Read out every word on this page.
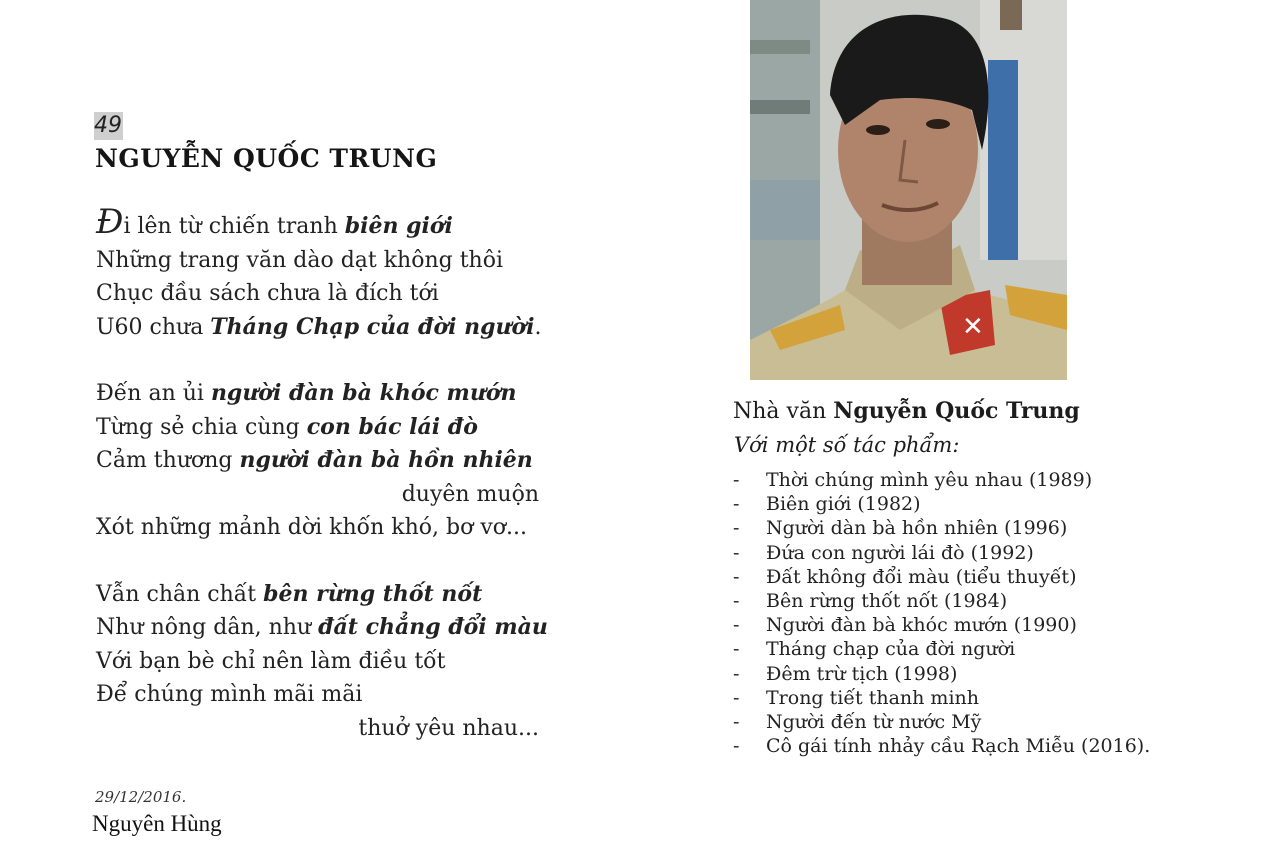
49
NGUYỄN QUỐC TRUNG
Đi lên từ chiến tranh biên giới
Những trang văn dào dạt không thôi
Chục đầu sách chưa là đích tới
U60 chưa Tháng Chạp của đời người.
Đến an ủi người đàn bà khóc mướn
Từng sẻ chia cùng con bác lái đò
Cảm thương người đàn bà hồn nhiên
duyên muộn
Xót những mảnh dời khốn khó, bơ vơ...
Vẫn chân chất bên rừng thốt nốt
Như nông dân, như đất chẳng đổi màu
Với bạn bè chỉ nên làm điều tốt
Để chúng mình mãi mãi
thuở yêu nhau...
29/12/2016.
Nguyên Hùng
✕
Nhà văn Nguyễn Quốc Trung
Với một số tác phẩm:
- Thời chúng mình yêu nhau (1989)
- Biên giới (1982)
- Người dàn bà hồn nhiên (1996)
- Đứa con người lái đò (1992)
- Đất không đổi màu (tiểu thuyết)
- Bên rừng thốt nốt (1984)
- Người đàn bà khóc mướn (1990)
- Tháng chạp của đời người
- Đêm trừ tịch (1998)
- Trong tiết thanh minh
- Người đến từ nước Mỹ
- Cô gái tính nhảy cầu Rạch Miễu (2016).
